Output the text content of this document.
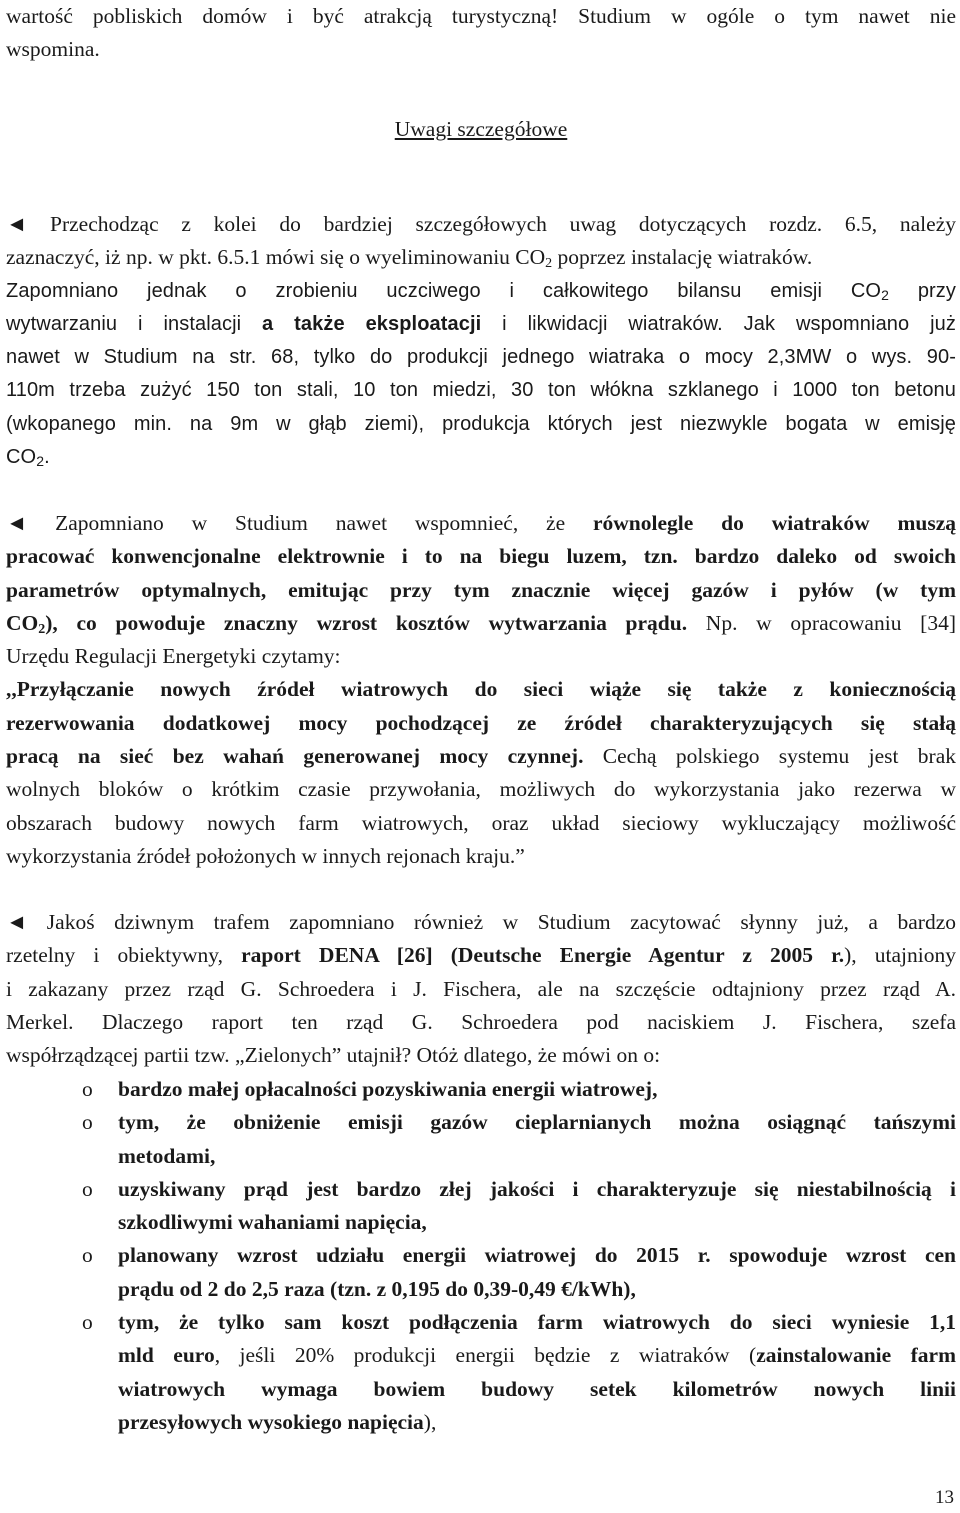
wartość pobliskich domów i być atrakcją turystyczną! Studium w ogóle o tym nawet nie
wspomina.
Uwagi szczegółowe
◄ Przechodząc z kolei do bardziej szczegółowych uwag dotyczących rozdz. 6.5, należy
zaznaczyć, iż np. w pkt. 6.5.1 mówi się o wyeliminowaniu $CO_2$ poprzez instalację wiatraków.
Zapomniano jednak o zrobieniu uczciwego i całkowitego bilansu emisji $CO_2$ przy
wytwarzaniu i instalacji a także eksploatacji i likwidacji wiatraków. Jak wspomniano już
nawet w Studium na str. 68, tylko do produkcji jednego wiatraka o mocy 2,3MW o wys. 90-
110m trzeba zużyć 150 ton stali, 10 ton miedzi, 30 ton włókna szklanego i 1000 ton betonu
(wkopanego min. na 9m w głąb ziemi), produkcja których jest niezwykle bogata w emisję
$CO_2$.
◄ Zapomniano w Studium nawet wspomnieć, że równolegle do wiatraków muszą
pracować konwencjonalne elektrownie i to na biegu luzem, tzn. bardzo daleko od swoich
parametrów optymalnych, emitując przy tym znacznie więcej gazów i pyłów (w tym
$CO_2$), co powoduje znaczny wzrost kosztów wytwarzania prądu. Np. w opracowaniu [34]
Urzędu Regulacji Energetyki czytamy:
,,Przyłączanie nowych źródeł wiatrowych do sieci wiąże się także z koniecznością
rezerwowania dodatkowej mocy pochodzącej ze źródeł charakteryzujących się stałą
pracą na sieć bez wahań generowanej mocy czynnej. Cechą polskiego systemu jest brak
wolnych bloków o krótkim czasie przywołania, możliwych do wykorzystania jako rezerwa w
obszarach budowy nowych farm wiatrowych, oraz układ sieciowy wykluczający możliwość
wykorzystania źródeł położonych w innych rejonach kraju.”
◄ Jakoś dziwnym trafem zapomniano również w Studium zacytować słynny już, a bardzo
rzetelny i obiektywny, raport DENA [26] (Deutsche Energie Agentur z 2005 r.), utajniony
i zakazany przez rząd G. Schroedera i J. Fischera, ale na szczęście odtajniony przez rząd A.
Merkel. Dlaczego raport ten rząd G. Schroedera pod naciskiem J. Fischera, szefa
współrządzącej partii tzw. „Zielonych” utajnił? Otóż dlatego, że mówi on o:
o	bardzo małej opłacalności pozyskiwania energii wiatrowej,
o	tym, że obniżenie emisji gazów cieplarnianych można osiągnąć tańszymi
metodami,
o	uzyskiwany prąd jest bardzo złej jakości i charakteryzuje się niestabilnością i
szkodliwymi wahaniami napięcia,
o	planowany wzrost udziału energii wiatrowej do 2015 r. spowoduje wzrost cen
prądu od 2 do 2,5 raza (tzn. z 0,195 do 0,39-0,49 €/kWh),
o	tym, że tylko sam koszt podłączenia farm wiatrowych do sieci wyniesie 1,1
mld euro, jeśli 20% produkcji energii będzie z wiatraków (zainstalowanie farm
wiatrowych wymaga bowiem budowy setek kilometrów nowych linii
przesyłowych wysokiego napięcia),
13
